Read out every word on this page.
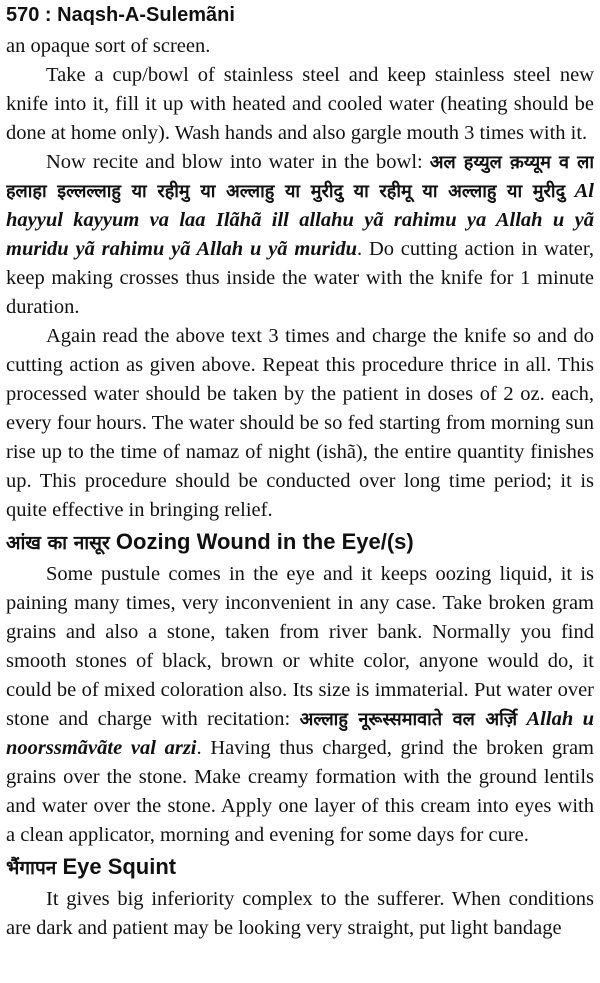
570 : Naqsh-A-Sulemãni

an opaque sort of screen.

Take a cup/bowl of stainless steel and keep stainless steel new knife into it, fill it up with heated and cooled water (heating should be done at home only). Wash hands and also gargle mouth 3 times with it.

Now recite and blow into water in the bowl: अल हय्युल क़य्यूम व ला हलाहा इल्लल्लाहु या रहीमु या अल्लाहु या मुरीदु या रहीमू या अल्लाहु या मुरीदु Al hayyul kayyum va laa Ilãhã ill allahu yã rahimu ya Allah u yã muridu yã rahimu yã Allah u yã muridu. Do cutting action in water, keep making crosses thus inside the water with the knife for 1 minute duration.

Again read the above text 3 times and charge the knife so and do cutting action as given above. Repeat this procedure thrice in all. This processed water should be taken by the patient in doses of 2 oz. each, every four hours. The water should be so fed starting from morning sun rise up to the time of namaz of night (ishã), the entire quantity finishes up. This procedure should be conducted over long time period; it is quite effective in bringing relief.

आंख का नासूर Oozing Wound in the Eye/(s)

Some pustule comes in the eye and it keeps oozing liquid, it is paining many times, very inconvenient in any case. Take broken gram grains and also a stone, taken from river bank. Normally you find smooth stones of black, brown or white color, anyone would do, it could be of mixed coloration also. Its size is immaterial. Put water over stone and charge with recitation: अल्लाहु नूरूस्समावाते वल अर्ज़ि Allah u noorssmãvãte val arzi. Having thus charged, grind the broken gram grains over the stone. Make creamy formation with the ground lentils and water over the stone. Apply one layer of this cream into eyes with a clean applicator, morning and evening for some days for cure.

भैंगापन Eye Squint

It gives big inferiority complex to the sufferer. When conditions are dark and patient may be looking very straight, put light bandage
